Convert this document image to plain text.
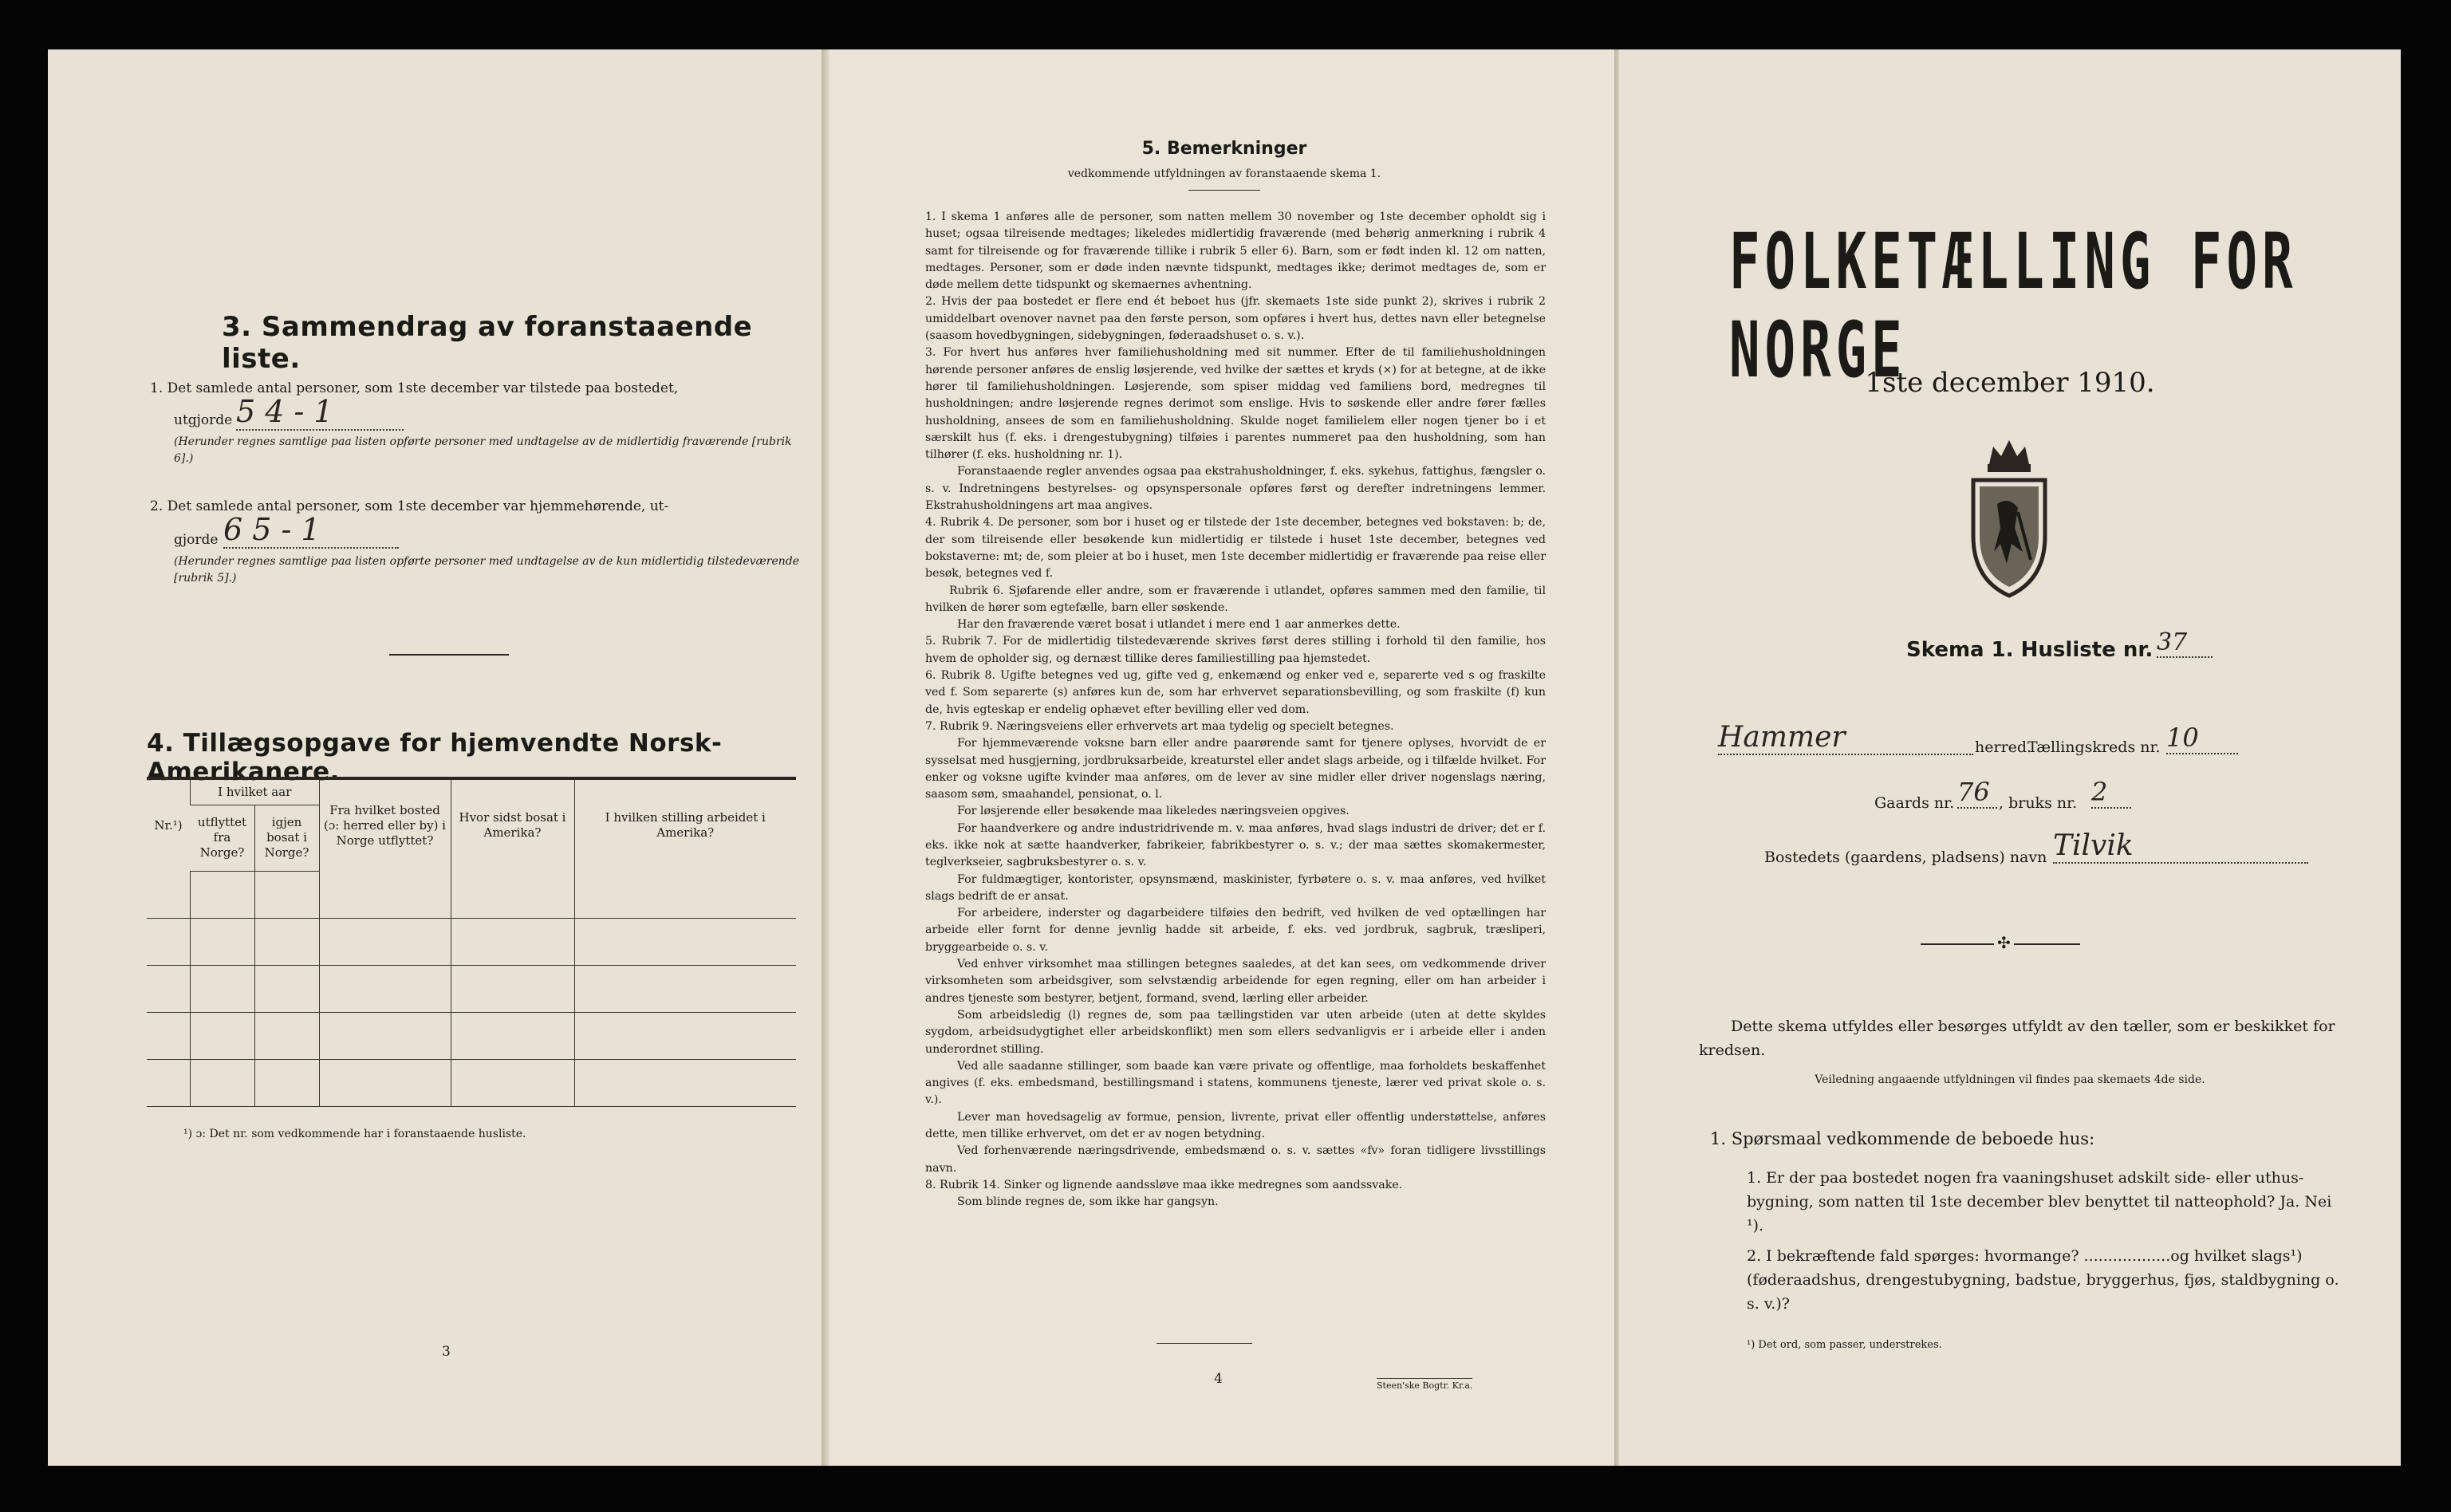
3. Sammendrag av foranstaaende liste.
1. Det samlede antal personer, som 1ste december var tilstede paa bostedet,
utgjorde 5 4 - 1
(Herunder regnes samtlige paa listen opførte personer med undtagelse av de midlertidig fraværende [rubrik 6].)
2. Det samlede antal personer, som 1ste december var hjemmehørende, ut-
gjorde 6 5 - 1
(Herunder regnes samtlige paa listen opførte personer med undtagelse av de kun midlertidig tilstedeværende [rubrik 5].)
4. Tillægsopgave for hjemvendte Norsk-Amerikanere.
Nr.¹)	I hvilket aar		Fra hvilket bosted (ɔ: herred eller by) i Norge utflyttet?	Hvor sidst bosat i Amerika?	I hvilken stilling arbeidet i Amerika?
	utflyttet fra Norge?	igjen bosat i Norge?			

¹) ɔ: Det nr. som vedkommende har i foranstaaende husliste.
3
5. Bemerkninger
vedkommende utfyldningen av foranstaaende skema 1.

1. I skema 1 anføres alle de personer, som natten mellem 30 november og 1ste december opholdt sig i huset; ogsaa tilreisende medtages; likeledes midlertidig fraværende (med behørig anmerkning i rubrik 4 samt for tilreisende og for fraværende tillike i rubrik 5 eller 6). Barn, som er født inden kl. 12 om natten, medtages. Personer, som er døde inden nævnte tidspunkt, medtages ikke; derimot medtages de, som er døde mellem dette tidspunkt og skemaernes avhentning.

2. Hvis der paa bostedet er flere end ét beboet hus (jfr. skemaets 1ste side punkt 2), skrives i rubrik 2 umiddelbart ovenover navnet paa den første person, som opføres i hvert hus, dettes navn eller betegnelse (saasom hovedbygningen, sidebygningen, føderaadshuset o. s. v.).

3. For hvert hus anføres hver familiehusholdning med sit nummer. Efter de til familiehusholdningen hørende personer anføres de enslig løsjerende, ved hvilke der sættes et kryds (×) for at betegne, at de ikke hører til familiehusholdningen. Løsjerende, som spiser middag ved familiens bord, medregnes til husholdningen; andre løsjerende regnes derimot som enslige. Hvis to søskende eller andre fører fælles husholdning, ansees de som en familiehusholdning. Skulde noget familielem eller nogen tjener bo i et særskilt hus (f. eks. i drengestubygning) tilføies i parentes nummeret paa den husholdning, som han tilhører (f. eks. husholdning nr. 1).

Foranstaaende regler anvendes ogsaa paa ekstrahusholdninger, f. eks. sykehus, fattighus, fængsler o. s. v. Indretningens bestyrelses- og opsynspersonale opføres først og derefter indretningens lemmer. Ekstrahusholdningens art maa angives.

4. Rubrik 4. De personer, som bor i huset og er tilstede der 1ste december, betegnes ved bokstaven: b; de, der som tilreisende eller besøkende kun midlertidig er tilstede i huset 1ste december, betegnes ved bokstaverne: mt; de, som pleier at bo i huset, men 1ste december midlertidig er fraværende paa reise eller besøk, betegnes ved f.

Rubrik 6. Sjøfarende eller andre, som er fraværende i utlandet, opføres sammen med den familie, til hvilken de hører som egtefælle, barn eller søskende.

Har den fraværende været bosat i utlandet i mere end 1 aar anmerkes dette.

5. Rubrik 7. For de midlertidig tilstedeværende skrives først deres stilling i forhold til den familie, hos hvem de opholder sig, og dernæst tillike deres familiestilling paa hjemstedet.

6. Rubrik 8. Ugifte betegnes ved ug, gifte ved g, enkemænd og enker ved e, separerte ved s og fraskilte ved f. Som separerte (s) anføres kun de, som har erhvervet separationsbevilling, og som fraskilte (f) kun de, hvis egteskap er endelig ophævet efter bevilling eller ved dom.

7. Rubrik 9. Næringsveiens eller erhvervets art maa tydelig og specielt betegnes.

For hjemmeværende voksne barn eller andre paarørende samt for tjenere oplyses, hvorvidt de er sysselsat med husgjerning, jordbruksarbeide, kreaturstel eller andet slags arbeide, og i tilfælde hvilket. For enker og voksne ugifte kvinder maa anføres, om de lever av sine midler eller driver nogenslags næring, saasom søm, smaahandel, pensionat, o. l.

For løsjerende eller besøkende maa likeledes næringsveien opgives.

For haandverkere og andre industridrivende m. v. maa anføres, hvad slags industri de driver; det er f. eks. ikke nok at sætte haandverker, fabrikeier, fabrikbestyrer o. s. v.; der maa sættes skomakermester, teglverkseier, sagbruksbestyrer o. s. v.

For fuldmægtiger, kontorister, opsynsmænd, maskinister, fyrbøtere o. s. v. maa anføres, ved hvilket slags bedrift de er ansat.

For arbeidere, inderster og dagarbeidere tilføies den bedrift, ved hvilken de ved optællingen har arbeide eller fornt for denne jevnlig hadde sit arbeide, f. eks. ved jordbruk, sagbruk, træsliperi, bryggearbeide o. s. v.

Ved enhver virksomhet maa stillingen betegnes saaledes, at det kan sees, om vedkommende driver virksomheten som arbeidsgiver, som selvstændig arbeidende for egen regning, eller om han arbeider i andres tjeneste som bestyrer, betjent, formand, svend, lærling eller arbeider.

Som arbeidsledig (l) regnes de, som paa tællingstiden var uten arbeide (uten at dette skyldes sygdom, arbeidsudygtighet eller arbeidskonflikt) men som ellers sedvanligvis er i arbeide eller i anden underordnet stilling.

Ved alle saadanne stillinger, som baade kan være private og offentlige, maa forholdets beskaffenhet angives (f. eks. embedsmand, bestillingsmand i statens, kommunens tjeneste, lærer ved privat skole o. s. v.).

Lever man hovedsagelig av formue, pension, livrente, privat eller offentlig understøttelse, anføres dette, men tillike erhvervet, om det er av nogen betydning.

Ved forhenværende næringsdrivende, embedsmænd o. s. v. sættes «fv» foran tidligere livsstillings navn.

8. Rubrik 14. Sinker og lignende aandssløve maa ikke medregnes som aandssvake.

Som blinde regnes de, som ikke har gangsyn.

4	Steen'ske Bogtr. Kr.a.
FOLKETÆLLING FOR NORGE
1ste december 1910.
Skema 1. Husliste nr. 37
Hammer	herred.
Tællingskreds nr. 10
Gaards nr. 76 , bruks nr. 2
Bostedets (gaardens, pladsens) navn Tilvik
✣
Dette skema utfyldes eller besørges utfyldt av den tæller, som er beskikket for kredsen.
Veiledning angaaende utfyldningen vil findes paa skemaets 4de side.
1. Spørsmaal vedkommende de beboede hus:
1. Er der paa bostedet nogen fra vaaningshuset adskilt side- eller uthus-bygning, som natten til 1ste december blev benyttet til natteophold? Ja. Nei ¹).
2. I bekræftende fald spørges: hvormange? ..................og hvilket slags¹) (føderaadshus, drengestubygning, badstue, bryggerhus, fjøs, staldbygning o. s. v.)?
¹) Det ord, som passer, understrekes.
